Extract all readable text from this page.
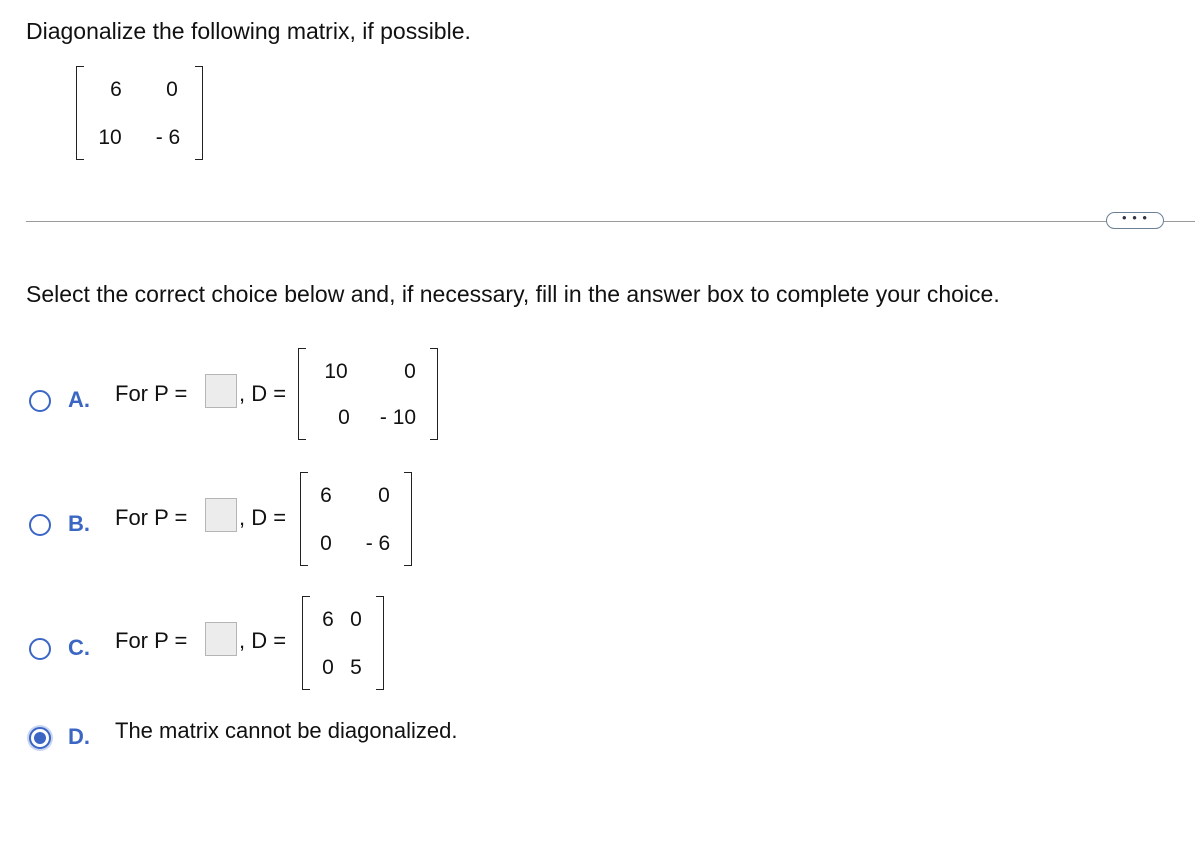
Diagonalize the following matrix, if possible.
6	0
10	- 6
• • •
Select the correct choice below and, if necessary, fill in the answer box to complete your choice.
A. For P = , D =
10	0
0	- 10
B. For P = , D =
6	0
0	- 6
C. For P = , D =
6 0
0 5
D. The matrix cannot be diagonalized.
